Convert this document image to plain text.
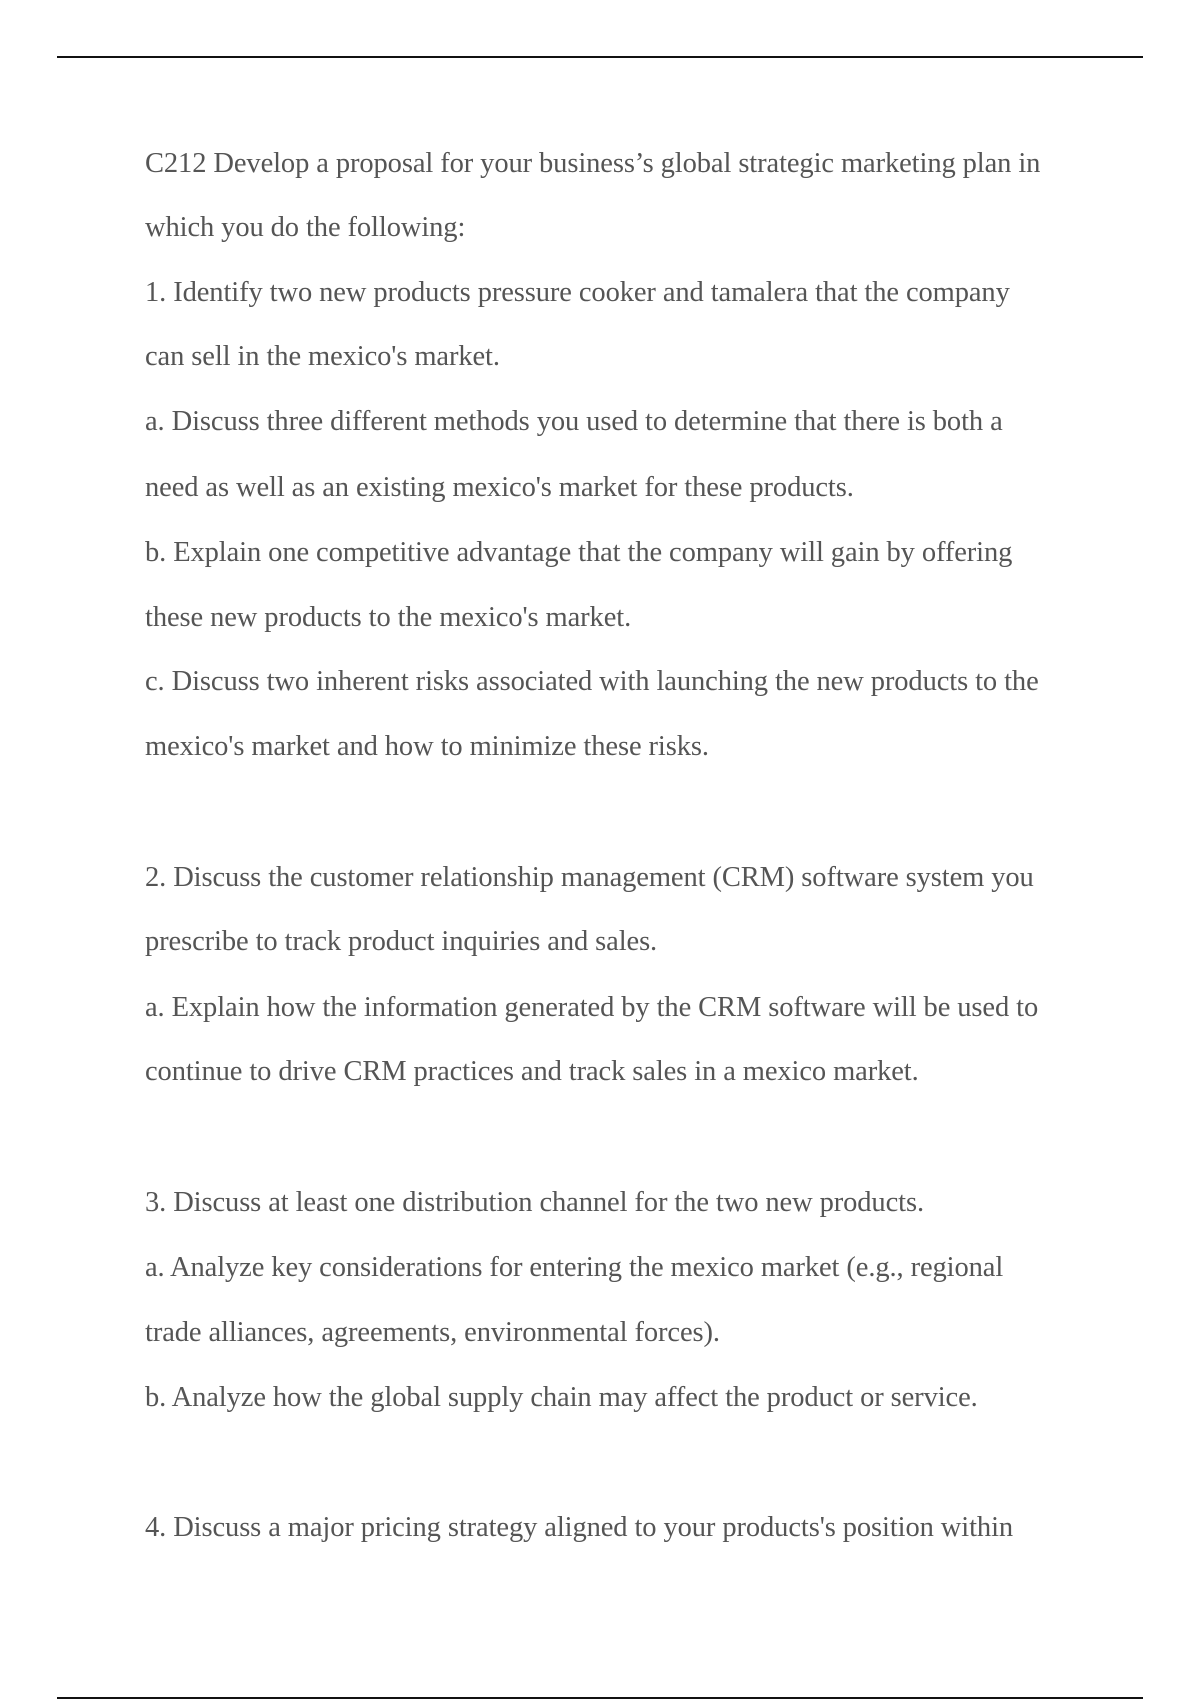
C212 Develop a proposal for your business’s global strategic marketing plan in
which you do the following:
1. Identify two new products pressure cooker and tamalera that the company
can sell in the mexico's market.
a. Discuss three different methods you used to determine that there is both a
need as well as an existing mexico's market for these products.
b. Explain one competitive advantage that the company will gain by offering
these new products to the mexico's market.
c. Discuss two inherent risks associated with launching the new products to the
mexico's market and how to minimize these risks.
2. Discuss the customer relationship management (CRM) software system you
prescribe to track product inquiries and sales.
a. Explain how the information generated by the CRM software will be used to
continue to drive CRM practices and track sales in a mexico market.
3. Discuss at least one distribution channel for the two new products.
a. Analyze key considerations for entering the mexico market (e.g., regional
trade alliances, agreements, environmental forces).
b. Analyze how the global supply chain may affect the product or service.
4. Discuss a major pricing strategy aligned to your products's position within
